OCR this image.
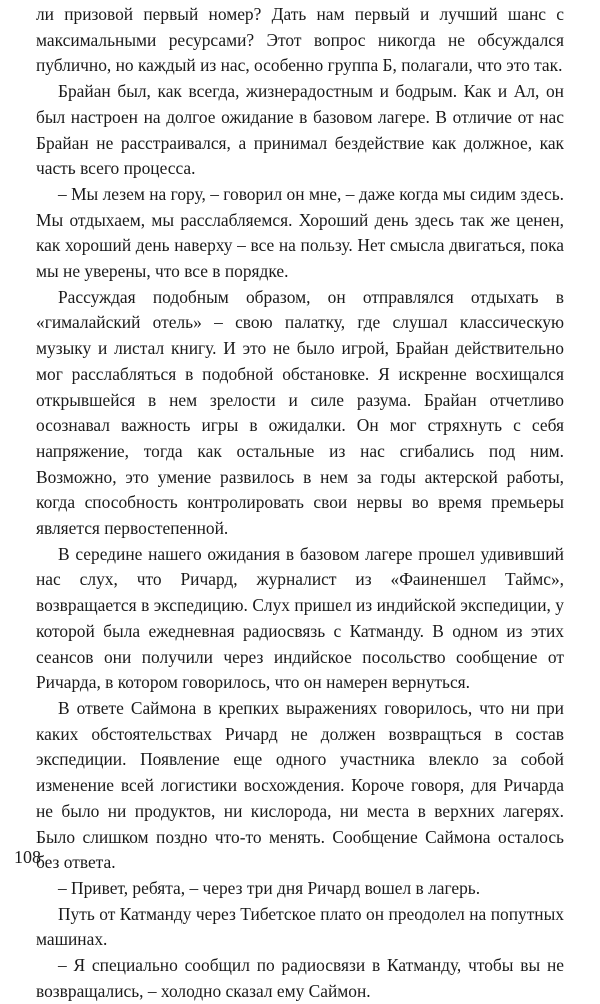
ли призовой первый номер? Дать нам первый и лучший шанс с максимальными ресурсами? Этот вопрос никогда не обсуждался публично, но каждый из нас, особенно группа Б, полагали, что это так.

Брайан был, как всегда, жизнерадостным и бодрым. Как и Ал, он был настроен на долгое ожидание в базовом лагере. В отличие от нас Брайан не расстраивался, а принимал бездействие как должное, как часть всего процесса.

– Мы лезем на гору, – говорил он мне, – даже когда мы сидим здесь. Мы отдыхаем, мы расслабляемся. Хороший день здесь так же ценен, как хороший день наверху – все на пользу. Нет смысла двигаться, пока мы не уверены, что все в порядке.

Рассуждая подобным образом, он отправлялся отдыхать в «гималайский отель» – свою палатку, где слушал классическую музыку и листал книгу. И это не было игрой, Брайан действительно мог расслабляться в подобной обстановке. Я искренне восхищался открывшейся в нем зрелости и силе разума. Брайан отчетливо осознавал важность игры в ожидалки. Он мог стряхнуть с себя напряжение, тогда как остальные из нас сгибались под ним. Возможно, это умение развилось в нем за годы актерской работы, когда способность контролировать свои нервы во время премьеры является первостепенной.

В середине нашего ожидания в базовом лагере прошел удививший нас слух, что Ричард, журналист из «Фаиненшел Таймс», возвращается в экспедицию. Слух пришел из индийской экспедиции, у которой была ежедневная радиосвязь с Катманду. В одном из этих сеансов они получили через индийское посольство сообщение от Ричарда, в котором говорилось, что он намерен вернуться.

В ответе Саймона в крепких выражениях говорилось, что ни при каких обстоятельствах Ричард не должен возвращться в состав экспедиции. Появление еще одного участника влекло за собой изменение всей логистики восхождения. Короче говоря, для Ричарда не было ни продуктов, ни кислорода, ни места в верхних лагерях. Было слишком поздно что-то менять. Сообщение Саймона осталось без ответа.

– Привет, ребята, – через три дня Ричард вошел в лагерь.

Путь от Катманду через Тибетское плато он преодолел на попутных машинах.

– Я специально сообщил по радиосвязи в Катманду, чтобы вы не возвращались, – холодно сказал ему Саймон.

108
